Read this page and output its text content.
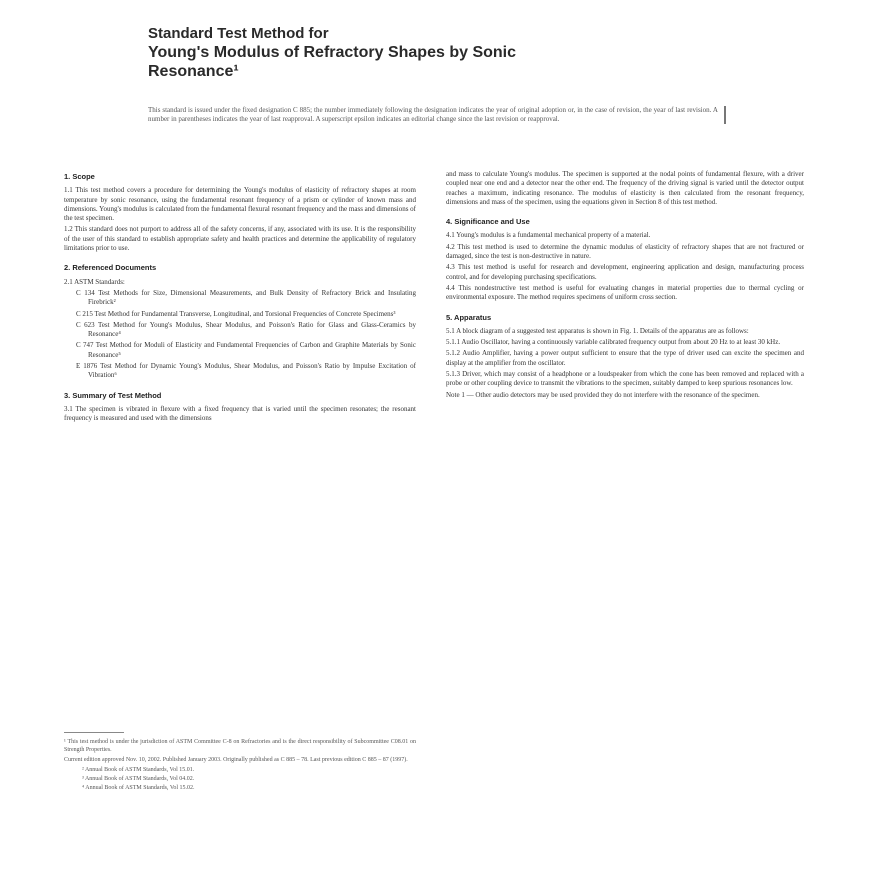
Standard Test Method for
Young's Modulus of Refractory Shapes by Sonic
Resonance¹
This standard is issued under the fixed designation C 885; the number immediately following the designation indicates the year of original adoption or, in the case of revision, the year of last revision. A number in parentheses indicates the year of last reapproval. A superscript epsilon indicates an editorial change since the last revision or reapproval.
1. Scope
1.1 This test method covers a procedure for determining the Young's modulus of elasticity of refractory shapes at room temperature by sonic resonance, using the fundamental resonant frequency of a prism or cylinder of known mass and dimensions. Young's modulus is calculated from the fundamental flexural resonant frequency and the mass and dimensions of the test specimen.
1.2 This standard does not purport to address all of the safety concerns, if any, associated with its use. It is the responsibility of the user of this standard to establish appropriate safety and health practices and determine the applicability of regulatory limitations prior to use.
2. Referenced Documents
2.1 ASTM Standards:
C 134 Test Methods for Size, Dimensional Measurements, and Bulk Density of Refractory Brick and Insulating Firebrick²
C 215 Test Method for Fundamental Transverse, Longitudinal, and Torsional Frequencies of Concrete Specimens³
C 623 Test Method for Young's Modulus, Shear Modulus, and Poisson's Ratio for Glass and Glass-Ceramics by Resonance⁴
C 747 Test Method for Moduli of Elasticity and Fundamental Frequencies of Carbon and Graphite Materials by Sonic Resonance⁵
E 1876 Test Method for Dynamic Young's Modulus, Shear Modulus, and Poisson's Ratio by Impulse Excitation of Vibration⁶
3. Summary of Test Method
3.1 The specimen is vibrated in flexure with a fixed frequency that is varied until the specimen resonates; the resonant frequency is measured and used with the dimensions
and mass to calculate Young's modulus. The specimen is supported at the nodal points of fundamental flexure, with a driver coupled near one end and a detector near the other end. The frequency of the driving signal is varied until the detector output reaches a maximum, indicating resonance. The modulus of elasticity is then calculated from the resonant frequency, dimensions and mass of the specimen, using the equations given in Section 8 of this test method.
4. Significance and Use
4.1 Young's modulus is a fundamental mechanical property of a material.
4.2 This test method is used to determine the dynamic modulus of elasticity of refractory shapes that are not fractured or damaged, since the test is non-destructive in nature.
4.3 This test method is useful for research and development, engineering application and design, manufacturing process control, and for developing purchasing specifications.
4.4 This nondestructive test method is useful for evaluating changes in material properties due to thermal cycling or environmental exposure. The method requires specimens of uniform cross section.
5. Apparatus
5.1 A block diagram of a suggested test apparatus is shown in Fig. 1. Details of the apparatus are as follows:
5.1.1 Audio Oscillator, having a continuously variable calibrated frequency output from about 20 Hz to at least 30 kHz.
5.1.2 Audio Amplifier, having a power output sufficient to ensure that the type of driver used can excite the specimen and display at the amplifier from the oscillator.
5.1.3 Driver, which may consist of a headphone or a loudspeaker from which the cone has been removed and replaced with a probe or other coupling device to transmit the vibrations to the specimen, suitably damped to keep spurious resonances low.
Note 1 — Other audio detectors may be used provided they do not interfere with the resonance of the specimen.
¹ This test method is under the jurisdiction of ASTM Committee C-8 on Refractories and is the direct responsibility of Subcommittee C08.01 on Strength Properties.
Current edition approved Nov. 10, 2002. Published January 2003. Originally published as C 885 – 78. Last previous edition C 885 – 87 (1997).
² Annual Book of ASTM Standards, Vol 15.01.
³ Annual Book of ASTM Standards, Vol 04.02.
⁴ Annual Book of ASTM Standards, Vol 15.02.
